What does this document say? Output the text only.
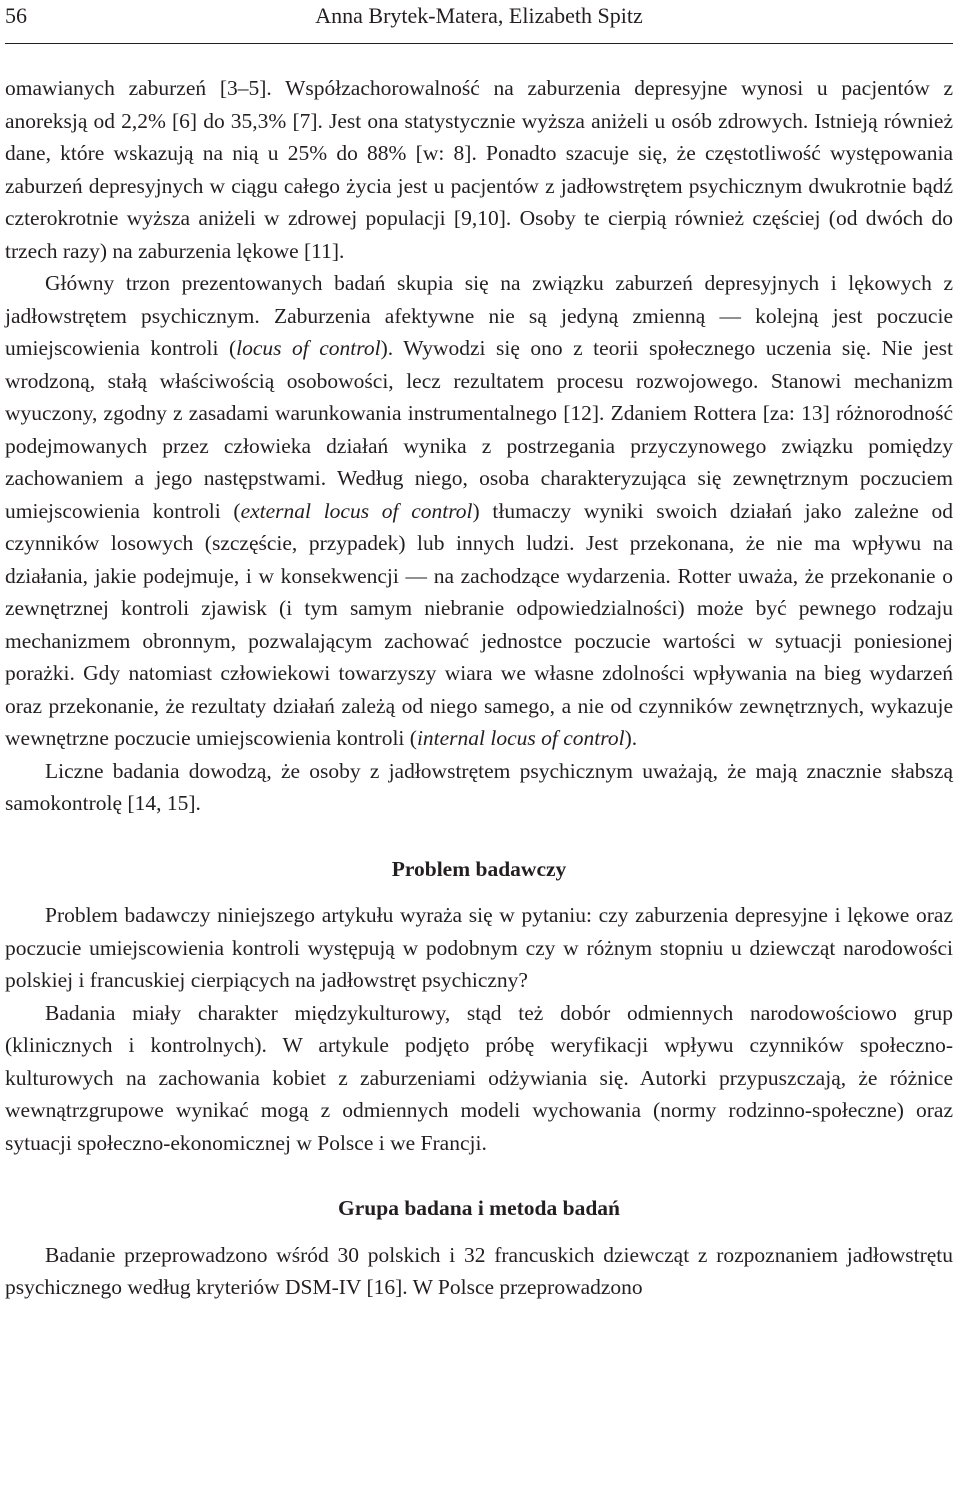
56	Anna Brytek-Matera, Elizabeth Spitz

omawianych zaburzeń [3–5]. Współzachorowalność na zaburzenia depresyjne wynosi u pacjentów z anoreksją od 2,2% [6] do 35,3% [7]. Jest ona statystycznie wyższa aniżeli u osób zdrowych. Istnieją również dane, które wskazują na nią u 25% do 88% [w: 8]. Ponadto szacuje się, że częstotliwość występowania zaburzeń depresyjnych w ciągu całego życia jest u pacjentów z jadłowstrętem psychicznym dwukrotnie bądź czterokrotnie wyższa aniżeli w zdrowej populacji [9,10]. Osoby te cierpią również częściej (od dwóch do trzech razy) na zaburzenia lękowe [11].

Główny trzon prezentowanych badań skupia się na związku zaburzeń depresyjnych i lękowych z jadłowstrętem psychicznym. Zaburzenia afektywne nie są jedyną zmienną — kolejną jest poczucie umiejscowienia kontroli (locus of control). Wywodzi się ono z teorii społecznego uczenia się. Nie jest wrodzoną, stałą właściwością osobowości, lecz rezultatem procesu rozwojowego. Stanowi mechanizm wyuczony, zgodny z zasadami warunkowania instrumentalnego [12]. Zdaniem Rottera [za: 13] różnorodność podejmowanych przez człowieka działań wynika z postrzegania przyczynowego związku pomiędzy zachowaniem a jego następstwami. Według niego, osoba charakteryzująca się zewnętrznym poczuciem umiejscowienia kontroli (external locus of control) tłumaczy wyniki swoich działań jako zależne od czynników losowych (szczęście, przypadek) lub innych ludzi. Jest przekonana, że nie ma wpływu na działania, jakie podejmuje, i w konsekwencji — na zachodzące wydarzenia. Rotter uważa, że przekonanie o zewnętrznej kontroli zjawisk (i tym samym niebranie odpowiedzialności) może być pewnego rodzaju mechanizmem obronnym, pozwalającym zachować jednostce poczucie wartości w sytuacji poniesionej porażki. Gdy natomiast człowiekowi towarzyszy wiara we własne zdolności wpływania na bieg wydarzeń oraz przekonanie, że rezultaty działań zależą od niego samego, a nie od czynników zewnętrznych, wykazuje wewnętrzne poczucie umiejscowienia kontroli (internal locus of control).

Liczne badania dowodzą, że osoby z jadłowstrętem psychicznym uważają, że mają znacznie słabszą samokontrolę [14, 15].

Problem badawczy

Problem badawczy niniejszego artykułu wyraża się w pytaniu: czy zaburzenia depresyjne i lękowe oraz poczucie umiejscowienia kontroli występują w podobnym czy w różnym stopniu u dziewcząt narodowości polskiej i francuskiej cierpiących na jadłowstręt psychiczny?

Badania miały charakter międzykulturowy, stąd też dobór odmiennych narodowościowo grup (klinicznych i kontrolnych). W artykule podjęto próbę weryfikacji wpływu czynników społeczno-kulturowych na zachowania kobiet z zaburzeniami odżywiania się. Autorki przypuszczają, że różnice wewnątrzgrupowe wynikać mogą z odmiennych modeli wychowania (normy rodzinno-społeczne) oraz sytuacji społeczno-ekonomicznej w Polsce i we Francji.

Grupa badana i metoda badań

Badanie przeprowadzono wśród 30 polskich i 32 francuskich dziewcząt z rozpoznaniem jadłowstrętu psychicznego według kryteriów DSM-IV [16]. W Polsce przeprowadzono
